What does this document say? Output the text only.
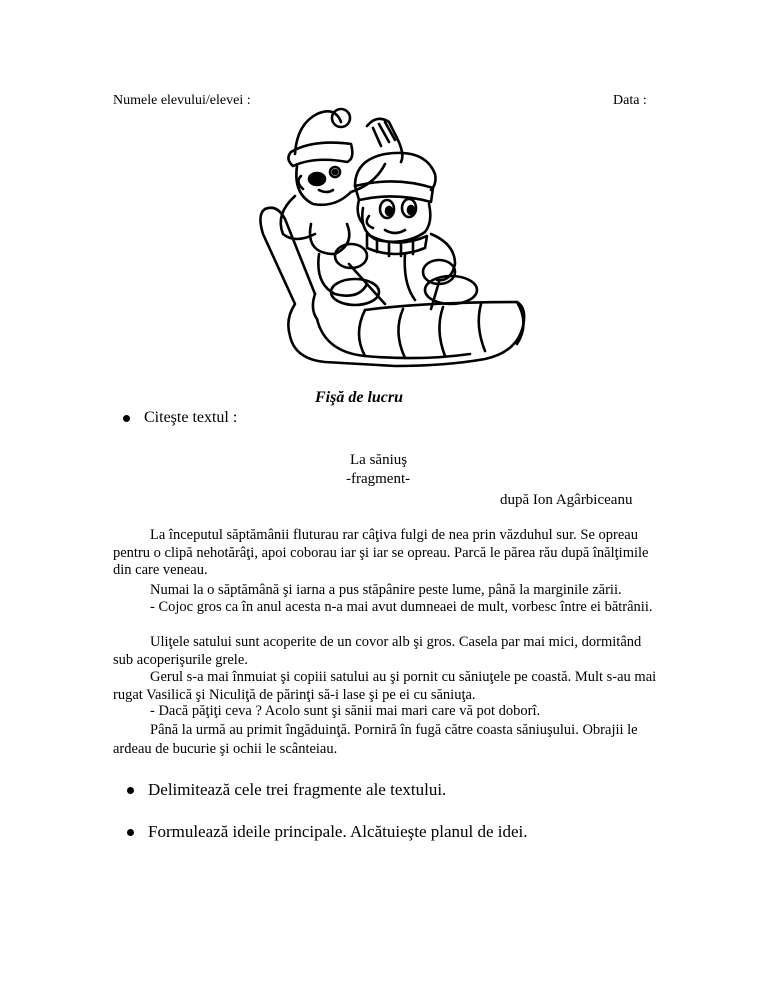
Numele elevului/elevei :	Data :
Fişă de lucru
Citeşte textul :
La săniuş
-fragment-
după Ion Agârbiceanu

La începutul săptămânii fluturau rar câţiva fulgi de nea prin văzduhul sur. Se opreau pentru o clipă nehotărâţi, apoi coborau iar şi iar se opreau. Parcă le părea rău după înălţimile din care veneau.

Numai la o săptămână şi iarna a pus stăpânire peste lume, până la marginile zării.

- Cojoc gros ca în anul acesta n-a mai avut dumneaei de mult, vorbesc între ei bătrânii.

Uliţele satului sunt acoperite de un covor alb şi gros. Casela par mai mici, dormitând sub acoperişurile grele.

Gerul s-a mai înmuiat şi copiii satului au şi pornit cu săniuţele pe coastă. Mult s-au mai rugat Vasilică şi Niculiţă de părinţi să-i lase şi pe ei cu săniuţa.

- Dacă păţiţi ceva ? Acolo sunt şi sănii mai mari care vă pot doborî.

Până la urmă au primit îngăduinţă. Porniră în fugă către coasta săniuşului. Obrajii le ardeau de bucurie şi ochii le scânteiau.

Delimitează cele trei fragmente ale textului.
Formulează ideile principale. Alcătuieşte planul de idei.
